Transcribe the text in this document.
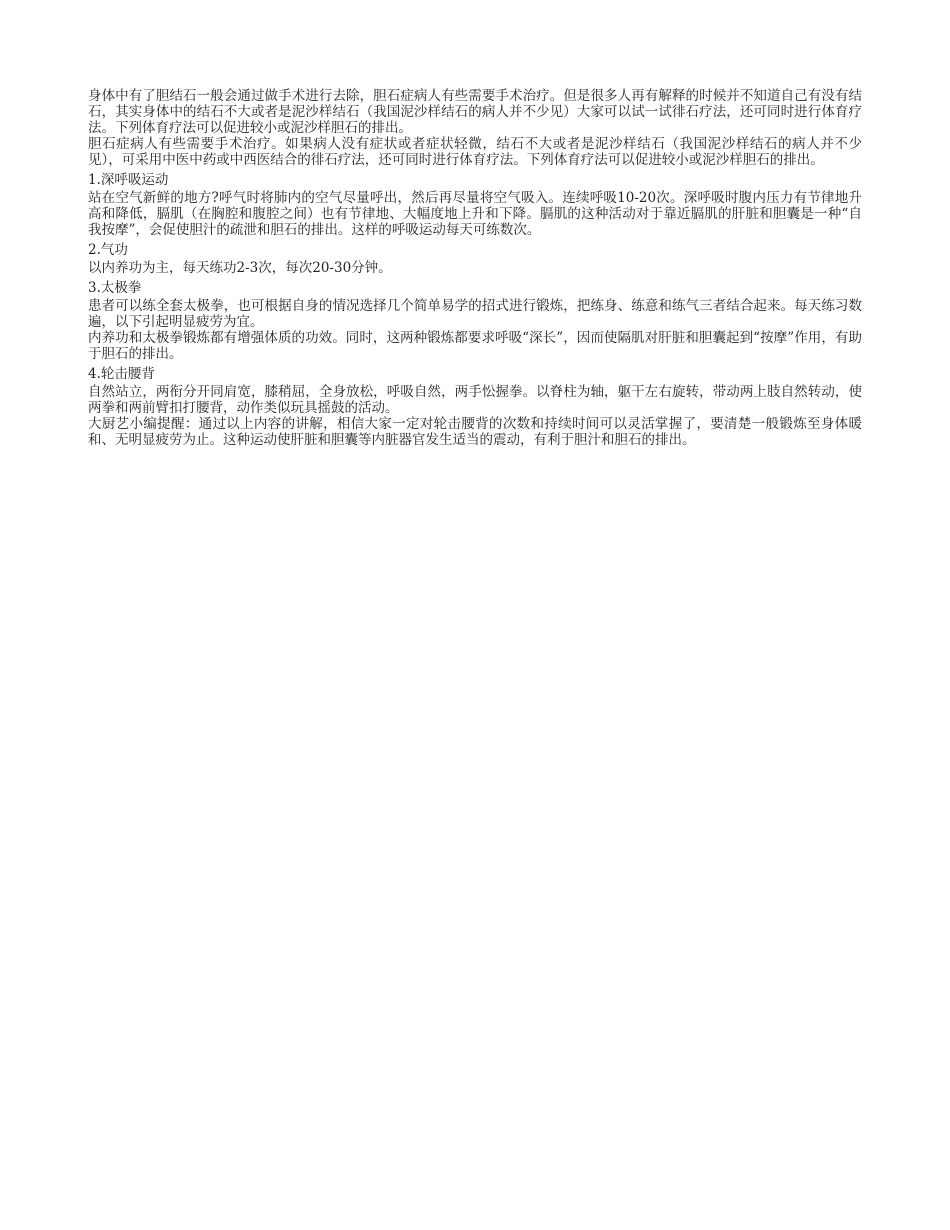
身体中有了胆结石一般会通过做手术进行去除，胆石症病人有些需要手术治疗。但是很多人再有解释的时候并不知道自己有没有结石，其实身体中的结石不大或者是泥沙样结石（我国泥沙样结石的病人并不少见）大家可以试一试徘石疗法，还可同时进行体育疗法。下列体育疗法可以促进较小或泥沙样胆石的排出。

胆石症病人有些需要手术治疗。如果病人没有症状或者症状轻微，结石不大或者是泥沙样结石（我国泥沙样结石的病人并不少见），可采用中医中药或中西医结合的徘石疗法，还可同时进行体育疗法。下列体育疗法可以促进较小或泥沙样胆石的排出。

1.深呼吸运动

站在空气新鲜的地方?呼气时将肺内的空气尽量呼出，然后再尽量将空气吸入。连续呼吸10-20次。深呼吸时腹内压力有节律地升高和降低，膈肌（在胸腔和腹腔之间）也有节律地、大幅度地上升和下降。膈肌的这种活动对于靠近膈肌的肝脏和胆囊是一种“自我按摩”，会促使胆汁的疏泄和胆石的排出。这样的呼吸运动每天可练数次。

2.气功

以内养功为主，每天练功2-3次，每次20-30分钟。

3.太极拳

患者可以练全套太极拳，也可根据自身的情况选择几个简单易学的招式进行锻炼，把练身、练意和练气三者结合起来。每天练习数遍，以下引起明显疲劳为宜。

内养功和太极拳锻炼都有增强体质的功效。同时，这两种锻炼都要求呼吸“深长”，因而使隔肌对肝脏和胆囊起到“按摩”作用，有助于胆石的排出。

4.轮击腰背

自然站立，两衔分开同肩宽，膝稍屈，全身放松，呼吸自然，两手忪握拳。以脊柱为轴，躯干左右旋转，带动两上肢自然转动，使两拳和两前臂扣打腰背，动作类似玩具摇鼓的活动。

大厨艺小编提醒：通过以上内容的讲解，相信大家一定对轮击腰背的次数和持续时间可以灵活掌握了，要清楚一般锻炼至身体暖和、无明显疲劳为止。这种运动使肝脏和胆囊等内脏器官发生适当的震动，有利于胆汁和胆石的排出。
